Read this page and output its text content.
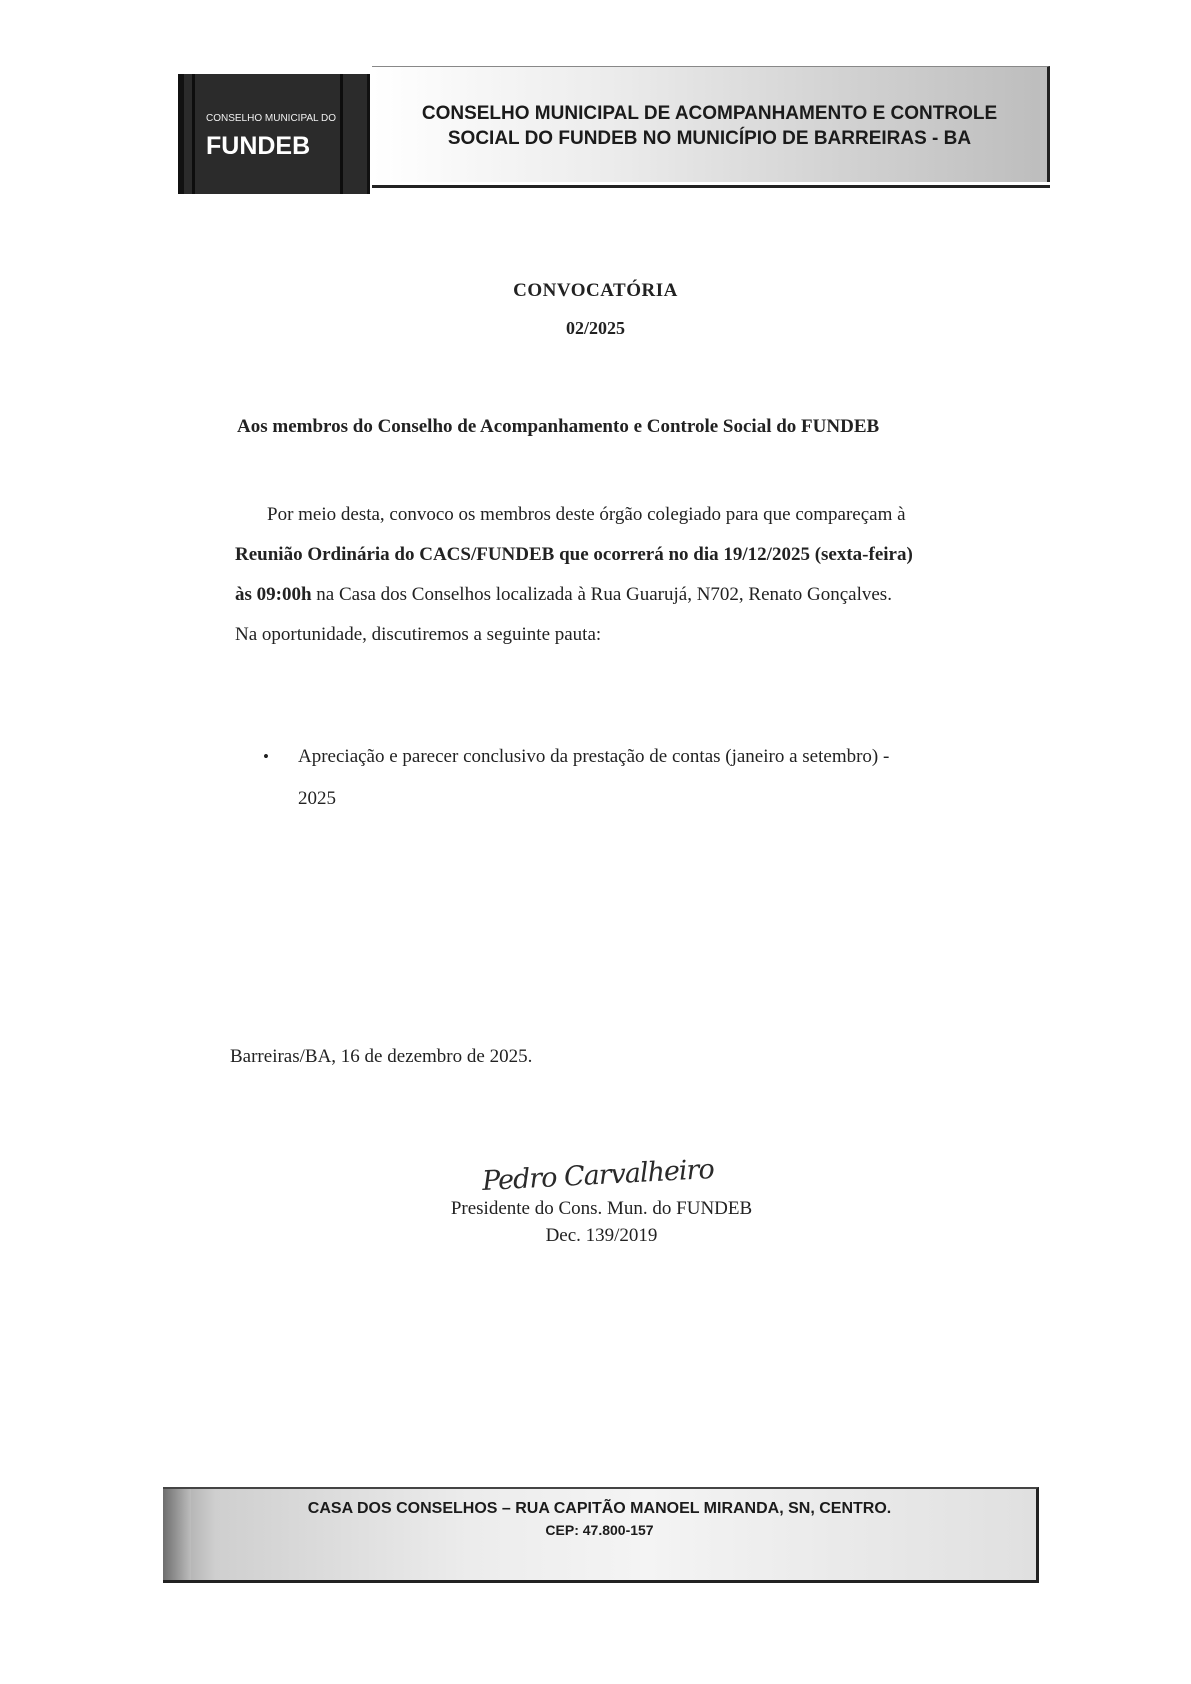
CONSELHO MUNICIPAL DO
FUNDEB
CONSELHO MUNICIPAL DE ACOMPANHAMENTO E CONTROLE
SOCIAL DO FUNDEB NO MUNICÍPIO DE BARREIRAS - BA
CONVOCATÓRIA
02/2025
Aos membros do Conselho de Acompanhamento e Controle Social do FUNDEB
Por meio desta, convoco os membros deste órgão colegiado para que compareçam à
Reunião Ordinária do CACS/FUNDEB que ocorrerá no dia 19/12/2025 (sexta-feira)
às 09:00h na Casa dos Conselhos localizada à Rua Guarujá, N702, Renato Gonçalves.
Na oportunidade, discutiremos a seguinte pauta:
• Apreciação e parecer conclusivo da prestação de contas (janeiro a setembro) -
2025
Barreiras/BA, 16 de dezembro de 2025.
Pedro Carvalheiro
Presidente do Cons. Mun. do FUNDEB
Dec. 139/2019
CASA DOS CONSELHOS – RUA CAPITÃO MANOEL MIRANDA, SN, CENTRO.
CEP: 47.800-157
